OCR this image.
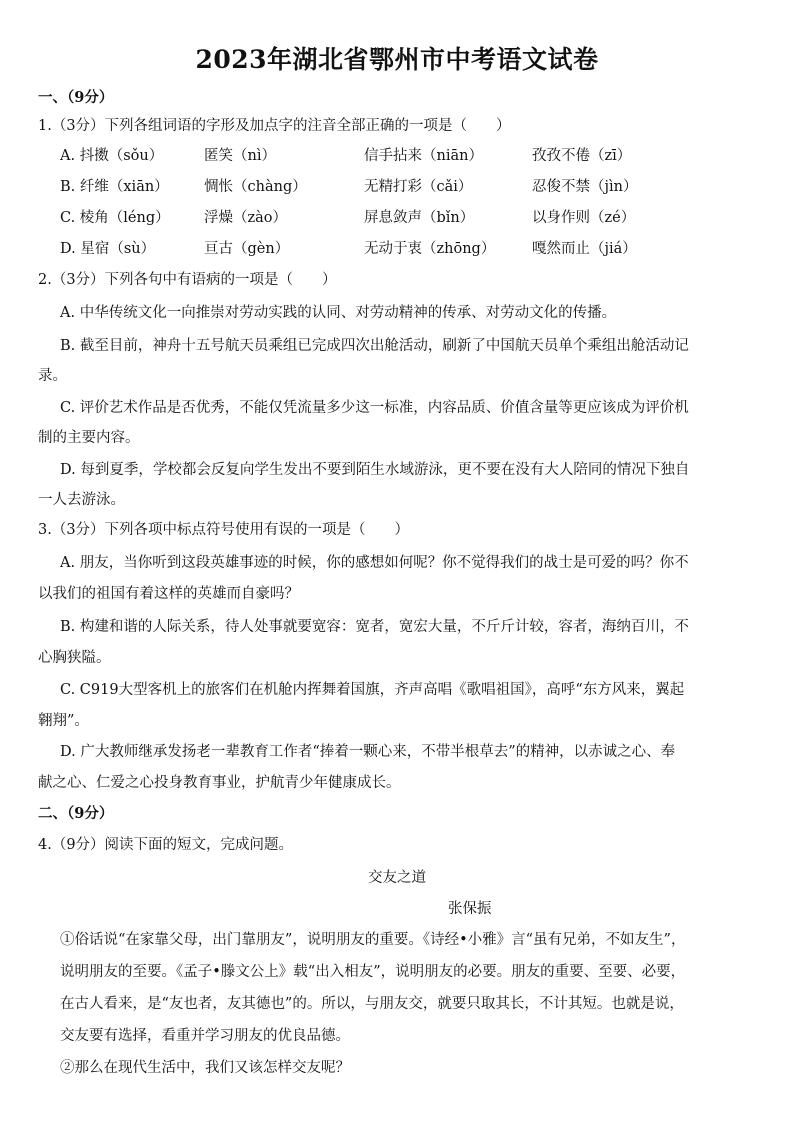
2023年湖北省鄂州市中考语文试卷
一、（9分）
1.（3分）下列各组词语的字形及加点字的注音全部正确的一项是（　　）
A. 抖擞（sǒu）	匿笑（nì）	信手拈来（niān）	孜孜不倦（zī）
B. 纤维（xiān） 惆怅（chàng）	无精打彩（cǎi）	忍俊不禁（jìn）
C. 棱角（léng） 浮燥（zào）	屏息敛声（bǐn）	以身作则（zé）
D. 星宿（sù）	亘古（gèn）	无动于衷（zhōng）	嘎然而止（jiá）
2.（3分）下列各句中有语病的一项是（　　）
A. 中华传统文化一向推崇对劳动实践的认同、对劳动精神的传承、对劳动文化的传播。
B. 截至目前，神舟十五号航天员乘组已完成四次出舱活动，刷新了中国航天员单个乘组出舱活动记
录。
C. 评价艺术作品是否优秀，不能仅凭流量多少这一标准，内容品质、价值含量等更应该成为评价机
制的主要内容。
D. 每到夏季，学校都会反复向学生发出不要到陌生水域游泳，更不要在没有大人陪同的情况下独自
一人去游泳。
3.（3分）下列各项中标点符号使用有误的一项是（　　）
A. 朋友，当你听到这段英雄事迹的时候，你的感想如何呢？你不觉得我们的战士是可爱的吗？你不
以我们的祖国有着这样的英雄而自豪吗？
B. 构建和谐的人际关系，待人处事就要宽容：宽者，宽宏大量，不斤斤计较，容者，海纳百川，不
心胸狭隘。
C. C919大型客机上的旅客们在机舱内挥舞着国旗，齐声高唱《歌唱祖国》，高呼“东方风来，翼起
翱翔”。
D. 广大教师继承发扬老一辈教育工作者“捧着一颗心来，不带半根草去”的精神，以赤诚之心、奉
献之心、仁爱之心投身教育事业，护航青少年健康成长。
二、（9分）
4.（9分）阅读下面的短文，完成问题。
交友之道
张保振
①俗话说“在家靠父母，出门靠朋友”，说明朋友的重要。《诗经•小雅》言“虽有兄弟，不如友生”，
说明朋友的至要。《孟子•滕文公上》载“出入相友”，说明朋友的必要。朋友的重要、至要、必要，
在古人看来，是“友也者，友其德也”的。所以，与朋友交，就要只取其长，不计其短。也就是说，
交友要有选择，看重并学习朋友的优良品德。
②那么在现代生活中，我们又该怎样交友呢？
